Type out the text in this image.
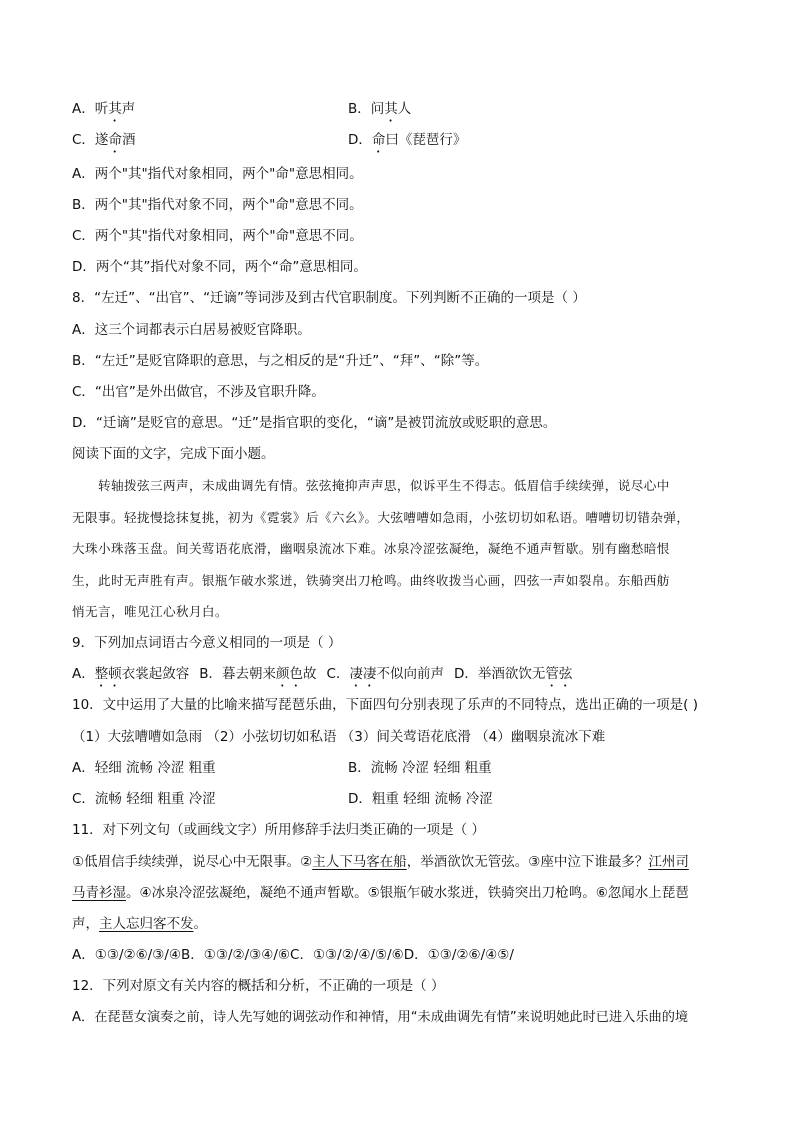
A．听其声	B．问其人
C．遂命酒	D．命曰《琵琶行》
A．两个"其"指代对象相同，两个"命"意思相同。
B．两个"其"指代对象不同，两个"命"意思不同。
C．两个"其"指代对象相同，两个"命"意思不同。
D．两个“其”指代对象不同，两个“命”意思相同。
8．“左迁”、“出官”、“迁谪”等词涉及到古代官职制度。下列判断不正确的一项是（ ）
A．这三个词都表示白居易被贬官降职。
B．“左迁”是贬官降职的意思，与之相反的是“升迁”、“拜”、“除”等。
C．“出官”是外出做官，不涉及官职升降。
D．“迁谪”是贬官的意思。“迁”是指官职的变化，“谪”是被罚流放或贬职的意思。
阅读下面的文字，完成下面小题。
转轴拨弦三两声，未成曲调先有情。弦弦掩抑声声思，似诉平生不得志。低眉信手续续弹，说尽心中
无限事。轻拢慢捻抹复挑，初为《霓裳》后《六幺》。大弦嘈嘈如急雨，小弦切切如私语。嘈嘈切切错杂弹，
大珠小珠落玉盘。间关莺语花底滑，幽咽泉流冰下难。冰泉冷涩弦凝绝，凝绝不通声暂歇。别有幽愁暗恨
生，此时无声胜有声。银瓶乍破水浆迸，铁骑突出刀枪鸣。曲终收拨当心画，四弦一声如裂帛。东船西舫
悄无言，唯见江心秋月白。
9．下列加点词语古今意义相同的一项是（ ）
A．整顿衣裳起敛容 B．暮去朝来颜色故 C．凄凄不似向前声 D．举酒欲饮无管弦
10．文中运用了大量的比喻来描写琵琶乐曲，下面四句分别表现了乐声的不同特点，选出正确的一项是( )
（1）大弦嘈嘈如急雨 （2）小弦切切如私语 （3）间关莺语花底滑 （4）幽咽泉流冰下难
A．轻细 流畅 冷涩 粗重	B．流畅 冷涩 轻细 粗重
C．流畅 轻细 粗重 冷涩	D．粗重 轻细 流畅 冷涩
11．对下列文句（或画线文字）所用修辞手法归类正确的一项是（ ）
①低眉信手续续弹，说尽心中无限事。②主人下马客在船，举酒欲饮无管弦。③座中泣下谁最多？江州司
马青衫湿。④冰泉冷涩弦凝绝，凝绝不通声暂歇。⑤银瓶乍破水浆迸，铁骑突出刀枪鸣。⑥忽闻水上琵琶
声，主人忘归客不发。
A．①③/②⑥/③/④B．①③/②/③④/⑥C．①③/②/④/⑤/⑥D．①③/②⑥/④⑤/
12．下列对原文有关内容的概括和分析，不正确的一项是（ ）
A．在琵琶女演奏之前，诗人先写她的调弦动作和神情，用“未成曲调先有情”来说明她此时已进入乐曲的境
